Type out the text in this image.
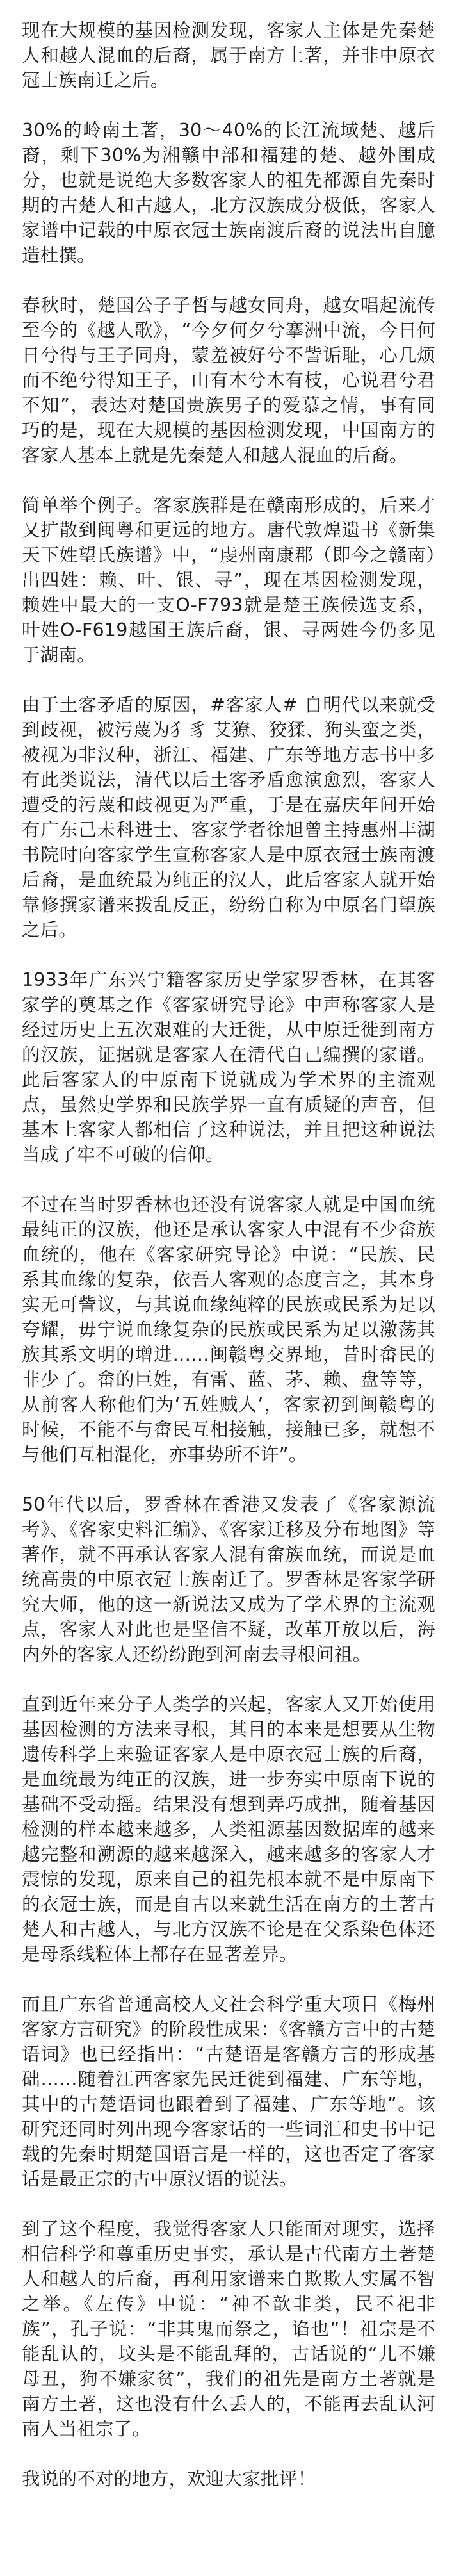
现在大规模的基因检测发现，客家人主体是先秦楚人和越人混血的后裔，属于南方土著，并非中原衣冠士族南迁之后。

30%的岭南土著，30～40%的长江流域楚、越后裔，剩下30%为湘赣中部和福建的楚、越外围成分，也就是说绝大多数客家人的祖先都源自先秦时期的古楚人和古越人，北方汉族成分极低，客家人家谱中记载的中原衣冠士族南渡后裔的说法出自臆造杜撰。

春秋时，楚国公子子皙与越女同舟，越女唱起流传至今的《越人歌》，“今夕何夕兮搴洲中流，今日何日兮得与王子同舟，蒙羞被好兮不訾诟耻，心几烦而不绝兮得知王子，山有木兮木有枝，心说君兮君不知”，表达对楚国贵族男子的爱慕之情，事有同巧的是，现在大规模的基因检测发现，中国南方的客家人基本上就是先秦楚人和越人混血的后裔。

简单举个例子。客家族群是在赣南形成的，后来才又扩散到闽粤和更远的地方。唐代敦煌遗书《新集天下姓望氏族谱》中，“虔州南康郡（即今之赣南）出四姓：赖、叶、银、寻”，现在基因检测发现，赖姓中最大的一支O-F793就是楚王族候选支系，叶姓O-F619越国王族后裔，银、寻两姓今仍多见于湖南。

由于土客矛盾的原因，#客家人# 自明代以来就受到歧视，被污蔑为犭豸 艾獠、狡猱、狗头蛮之类，被视为非汉种，浙江、福建、广东等地方志书中多有此类说法，清代以后土客矛盾愈演愈烈，客家人遭受的污蔑和歧视更为严重，于是在嘉庆年间开始有广东己未科进士、客家学者徐旭曾主持惠州丰湖书院时向客家学生宣称客家人是中原衣冠士族南渡后裔，是血统最为纯正的汉人，此后客家人就开始靠修撰家谱来拨乱反正，纷纷自称为中原名门望族之后。

1933年广东兴宁籍客家历史学家罗香林，在其客家学的奠基之作《客家研究导论》中声称客家人是经过历史上五次艰难的大迁徙，从中原迁徙到南方的汉族，证据就是客家人在清代自己编撰的家谱。此后客家人的中原南下说就成为学术界的主流观点，虽然史学界和民族学界一直有质疑的声音，但基本上客家人都相信了这种说法，并且把这种说法当成了牢不可破的信仰。

不过在当时罗香林也还没有说客家人就是中国血统最纯正的汉族，他还是承认客家人中混有不少畲族血统的，他在《客家研究导论》中说：“民族、民系其血缘的复杂，依吾人客观的态度言之，其本身实无可訾议，与其说血缘纯粹的民族或民系为足以夸耀，毋宁说血缘复杂的民族或民系为足以激荡其族其系文明的增进……闽赣粤交界地，昔时畲民的非少了。畲的巨姓，有雷、蓝、茅、赖、盘等等，从前客人称他们为‘五姓贼人’，客家初到闽赣粤的时候，不能不与畲民互相接触，接触已多，就想不与他们互相混化，亦事势所不许”。

50年代以后，罗香林在香港又发表了《客家源流考》、《客家史料汇编》、《客家迁移及分布地图》等著作，就不再承认客家人混有畲族血统，而说是血统高贵的中原衣冠士族南迁了。罗香林是客家学研究大师，他的这一新说法又成为了学术界的主流观点，客家人对此也是坚信不疑，改革开放以后，海内外的客家人还纷纷跑到河南去寻根问祖。

直到近年来分子人类学的兴起，客家人又开始使用基因检测的方法来寻根，其目的本来是想要从生物遗传科学上来验证客家人是中原衣冠士族的后裔，是血统最为纯正的汉族，进一步夯实中原南下说的基础不受动摇。结果没有想到弄巧成拙，随着基因检测的样本越来越多，人类祖源基因数据库的越来越完整和溯源的越来越深入，越来越多的客家人才震惊的发现，原来自己的祖先根本就不是中原南下的衣冠士族，而是自古以来就生活在南方的土著古楚人和古越人，与北方汉族不论是在父系染色体还是母系线粒体上都存在显著差异。

而且广东省普通高校人文社会科学重大项目《梅州客家方言研究》的阶段性成果：《客赣方言中的古楚语词》也已经指出：“古楚语是客赣方言的形成基础……随着江西客家先民迁徙到福建、广东等地，其中的古楚语词也跟着到了福建、广东等地”。该研究还同时列出现今客家话的一些词汇和史书中记载的先秦时期楚国语言是一样的，这也否定了客家话是最正宗的古中原汉语的说法。

到了这个程度，我觉得客家人只能面对现实，选择相信科学和尊重历史事实，承认是古代南方土著楚人和越人的后裔，再利用家谱来自欺欺人实属不智之举。《左传》中说：“神不歆非类，民不祀非族”，孔子说：“非其鬼而祭之，谄也”！祖宗是不能乱认的，坟头是不能乱拜的，古话说的“儿不嫌母丑，狗不嫌家贫”，我们的祖先是南方土著就是南方土著，这也没有什么丢人的，不能再去乱认河南人当祖宗了。

我说的不对的地方，欢迎大家批评！
